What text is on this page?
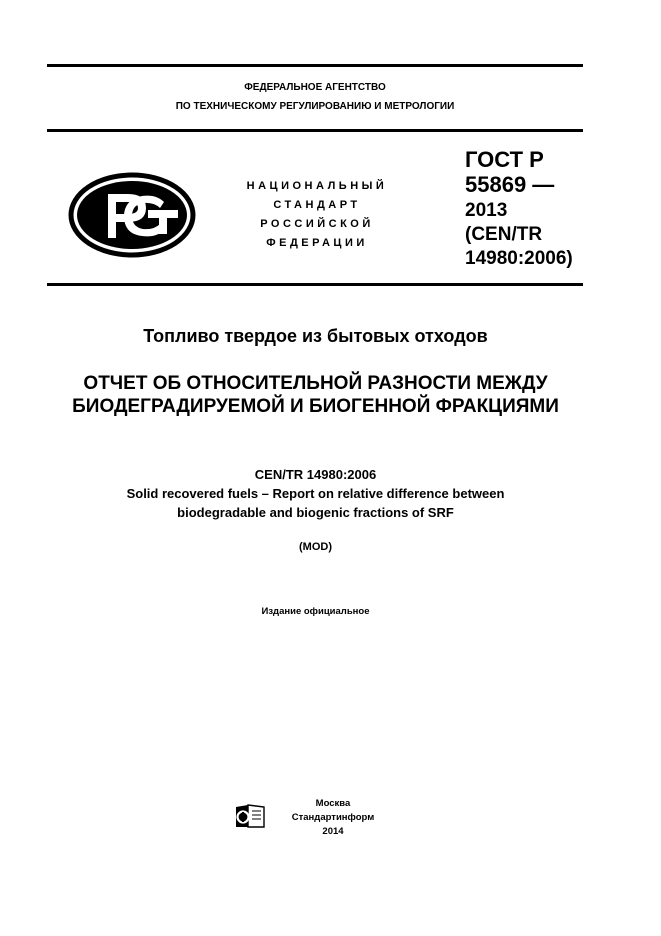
ФЕДЕРАЛЬНОЕ АГЕНТСТВО
ПО ТЕХНИЧЕСКОМУ РЕГУЛИРОВАНИЮ И МЕТРОЛОГИИ
НАЦИОНАЛЬНЫЙ
СТАНДАРТ
РОССИЙСКОЙ
ФЕДЕРАЦИИ
ГОСТ Р
55869 —
2013
(CEN/TR
14980:2006)
Топливо твердое из бытовых отходов
ОТЧЕТ ОБ ОТНОСИТЕЛЬНОЙ РАЗНОСТИ МЕЖДУ
БИОДЕГРАДИРУЕМОЙ И БИОГЕННОЙ ФРАКЦИЯМИ
CEN/TR 14980:2006
Solid recovered fuels – Report on relative difference between
biodegradable and biogenic fractions of SRF
(MOD)
Издание официальное
Москва
Стандартинформ
2014
